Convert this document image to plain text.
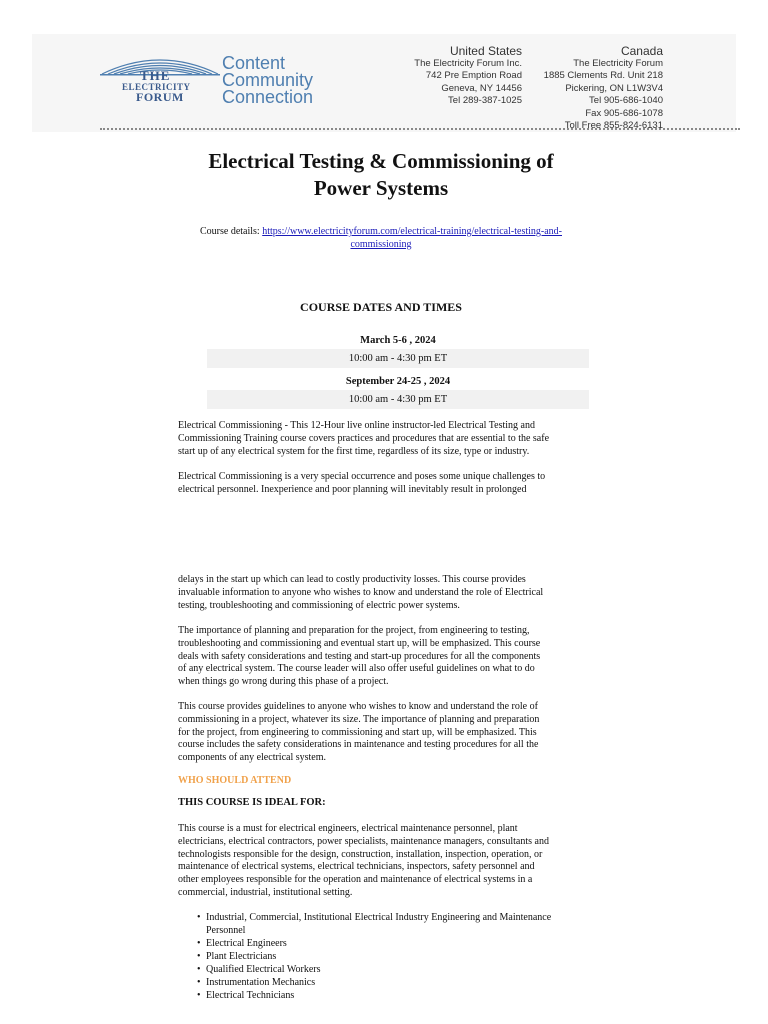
THE
ELECTRICITY
FORUM
Content
Community
Connection
United States
The Electricity Forum Inc.
742 Pre Emption Road
Geneva, NY 14456
Tel 289-387-1025
Canada
The Electricity Forum
1885 Clements Rd. Unit 218
Pickering, ON L1W3V4
Tel 905-686-1040
Fax 905-686-1078
Toll Free 855-824-6131
Electrical Testing & Commissioning of
Power Systems
Course details: https://www.electricityforum.com/electrical-training/electrical-testing-and-
commissioning
COURSE DATES AND TIMES
March 5-6 , 2024
10:00 am - 4:30 pm ET
September 24-25 , 2024
10:00 am - 4:30 pm ET

Electrical Commissioning - This 12-Hour live online instructor-led Electrical Testing and

Commissioning Training course covers practices and procedures that are essential to the safe

start up of any electrical system for the first time, regardless of its size, type or industry.

Electrical Commissioning is a very special occurrence and poses some unique challenges to

electrical personnel. Inexperience and poor planning will inevitably result in prolonged

delays in the start up which can lead to costly productivity losses. This course provides

invaluable information to anyone who wishes to know and understand the role of Electrical

testing, troubleshooting and commissioning of electric power systems.

The importance of planning and preparation for the project, from engineering to testing,

troubleshooting and commissioning and eventual start up, will be emphasized. This course

deals with safety considerations and testing and start-up procedures for all the components

of any electrical system. The course leader will also offer useful guidelines on what to do

when things go wrong during this phase of a project.

This course provides guidelines to anyone who wishes to know and understand the role of

commissioning in a project, whatever its size. The importance of planning and preparation

for the project, from engineering to commissioning and start up, will be emphasized. This

course includes the safety considerations in maintenance and testing procedures for all the

components of any electrical system.

WHO SHOULD ATTEND
THIS COURSE IS IDEAL FOR:

This course is a must for electrical engineers, electrical maintenance personnel, plant

electricians, electrical contractors, power specialists, maintenance managers, consultants and

technologists responsible for the design, construction, installation, inspection, operation, or

maintenance of electrical systems, electrical technicians, inspectors, safety personnel and

other employees responsible for the operation and maintenance of electrical systems in a

commercial, industrial, institutional setting.

• Industrial, Commercial, Institutional Electrical Industry Engineering and Maintenance
Personnel
• Electrical Engineers
• Plant Electricians
• Qualified Electrical Workers
• Instrumentation Mechanics
• Electrical Technicians
